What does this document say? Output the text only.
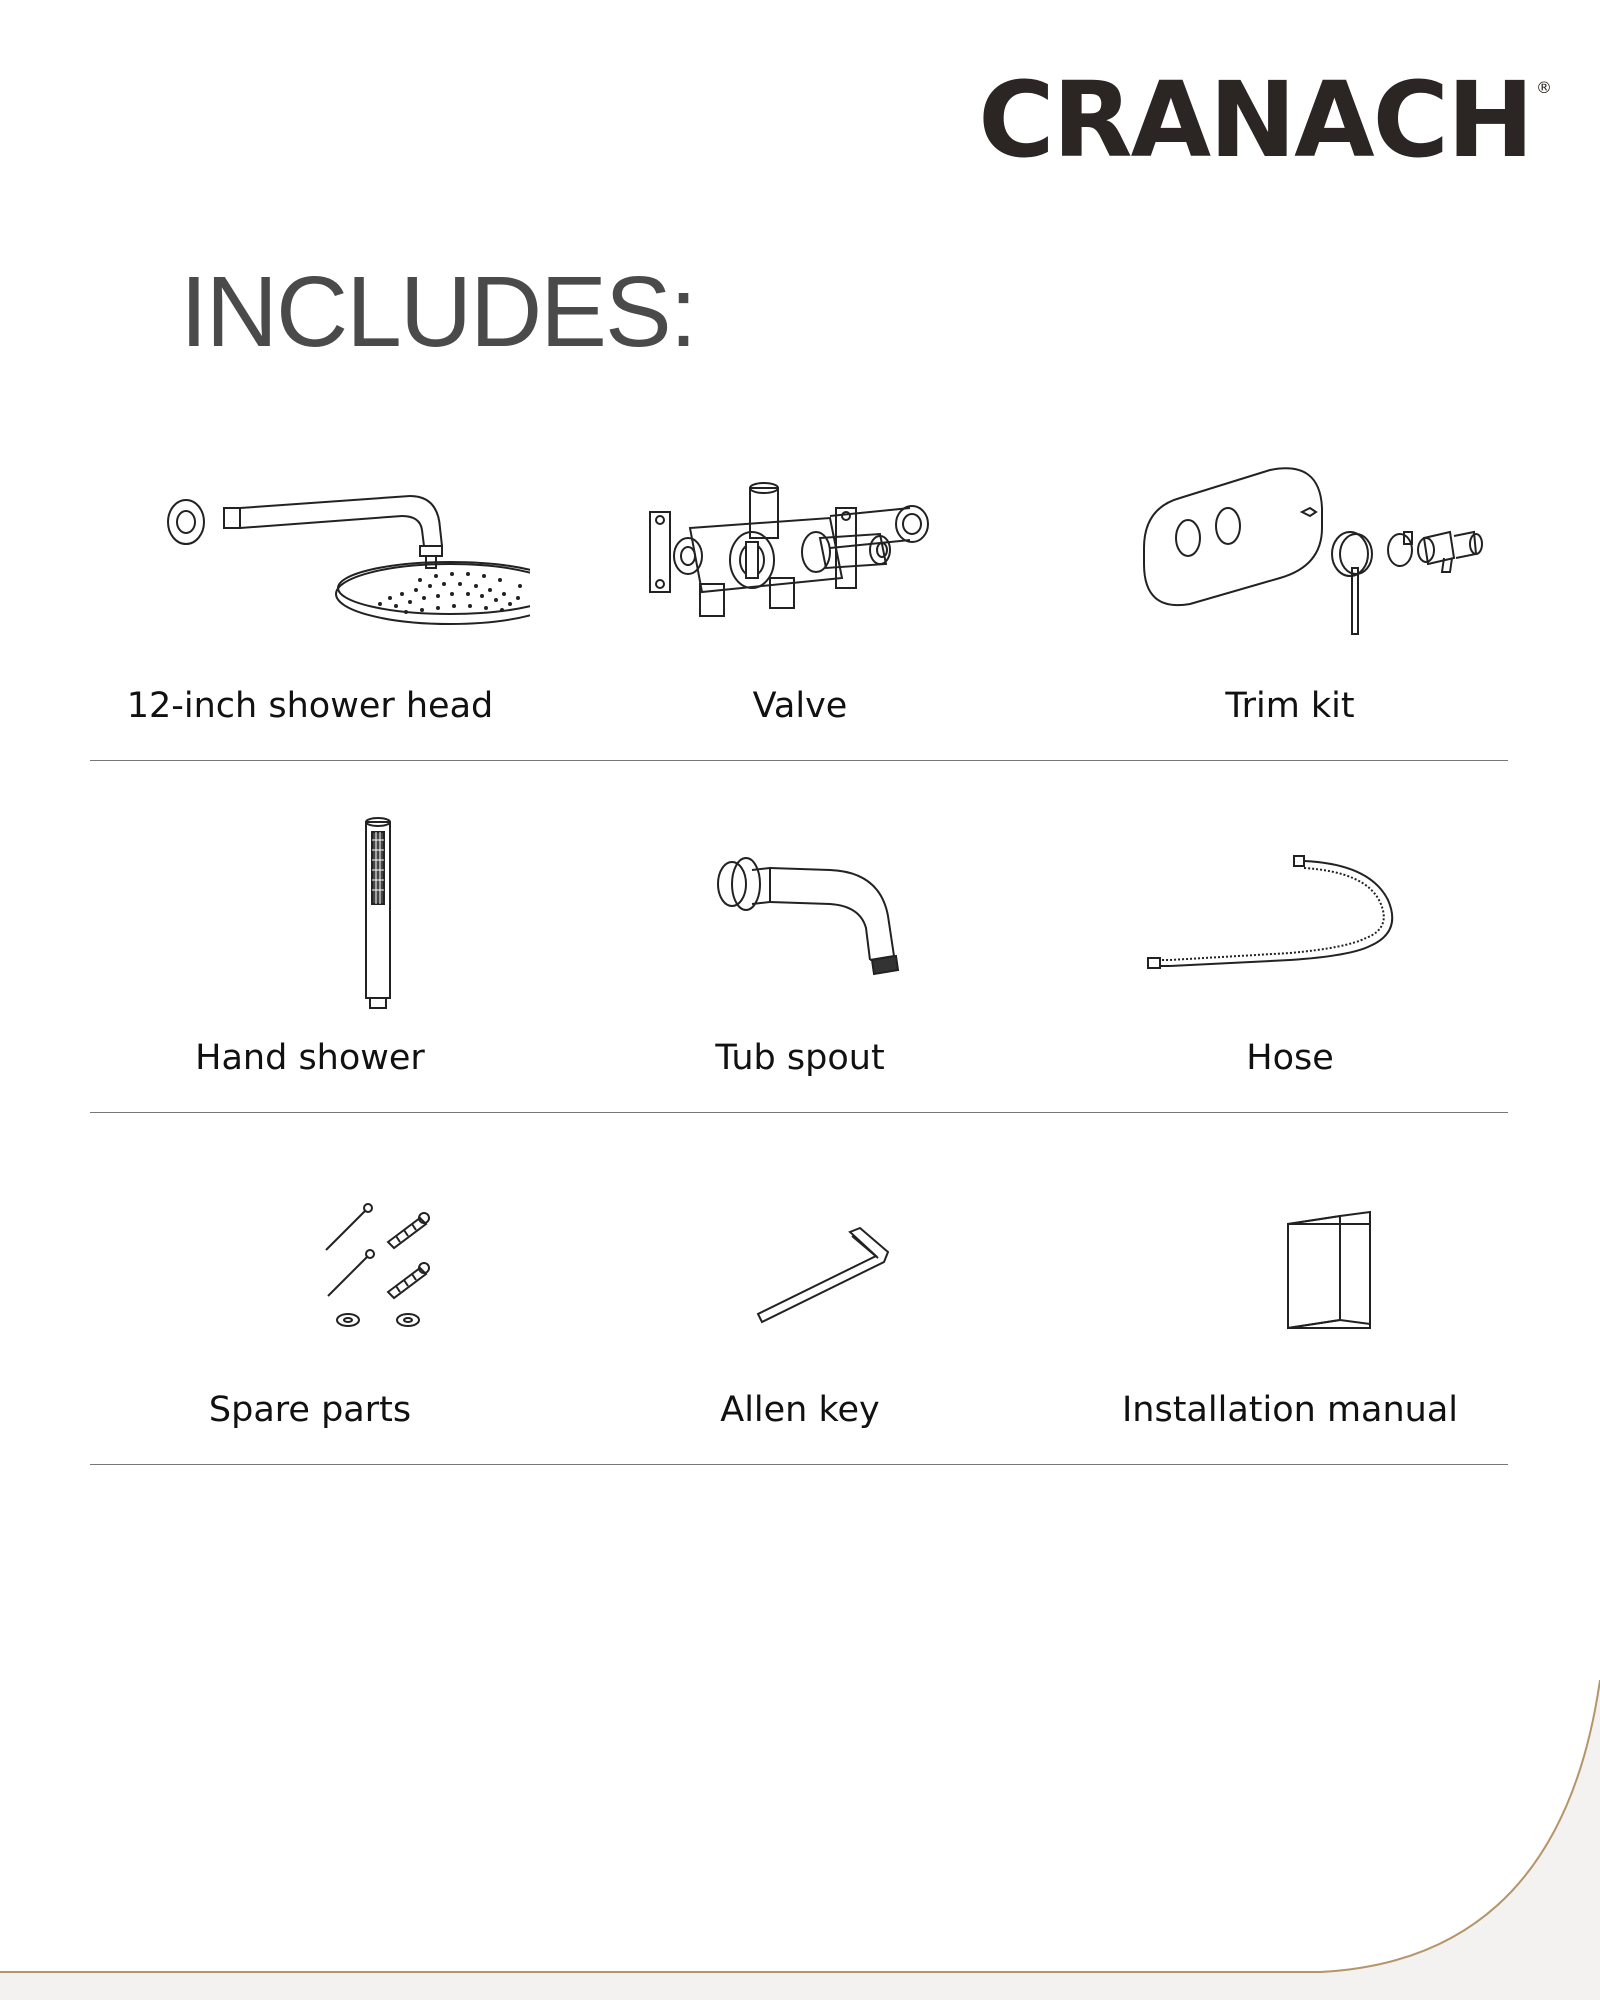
CRANACH ®
INCLUDES:
12-inch shower head	Valve	Trim kit
Hand shower	Tub spout	Hose
Spare parts	Allen key	Installation manual
